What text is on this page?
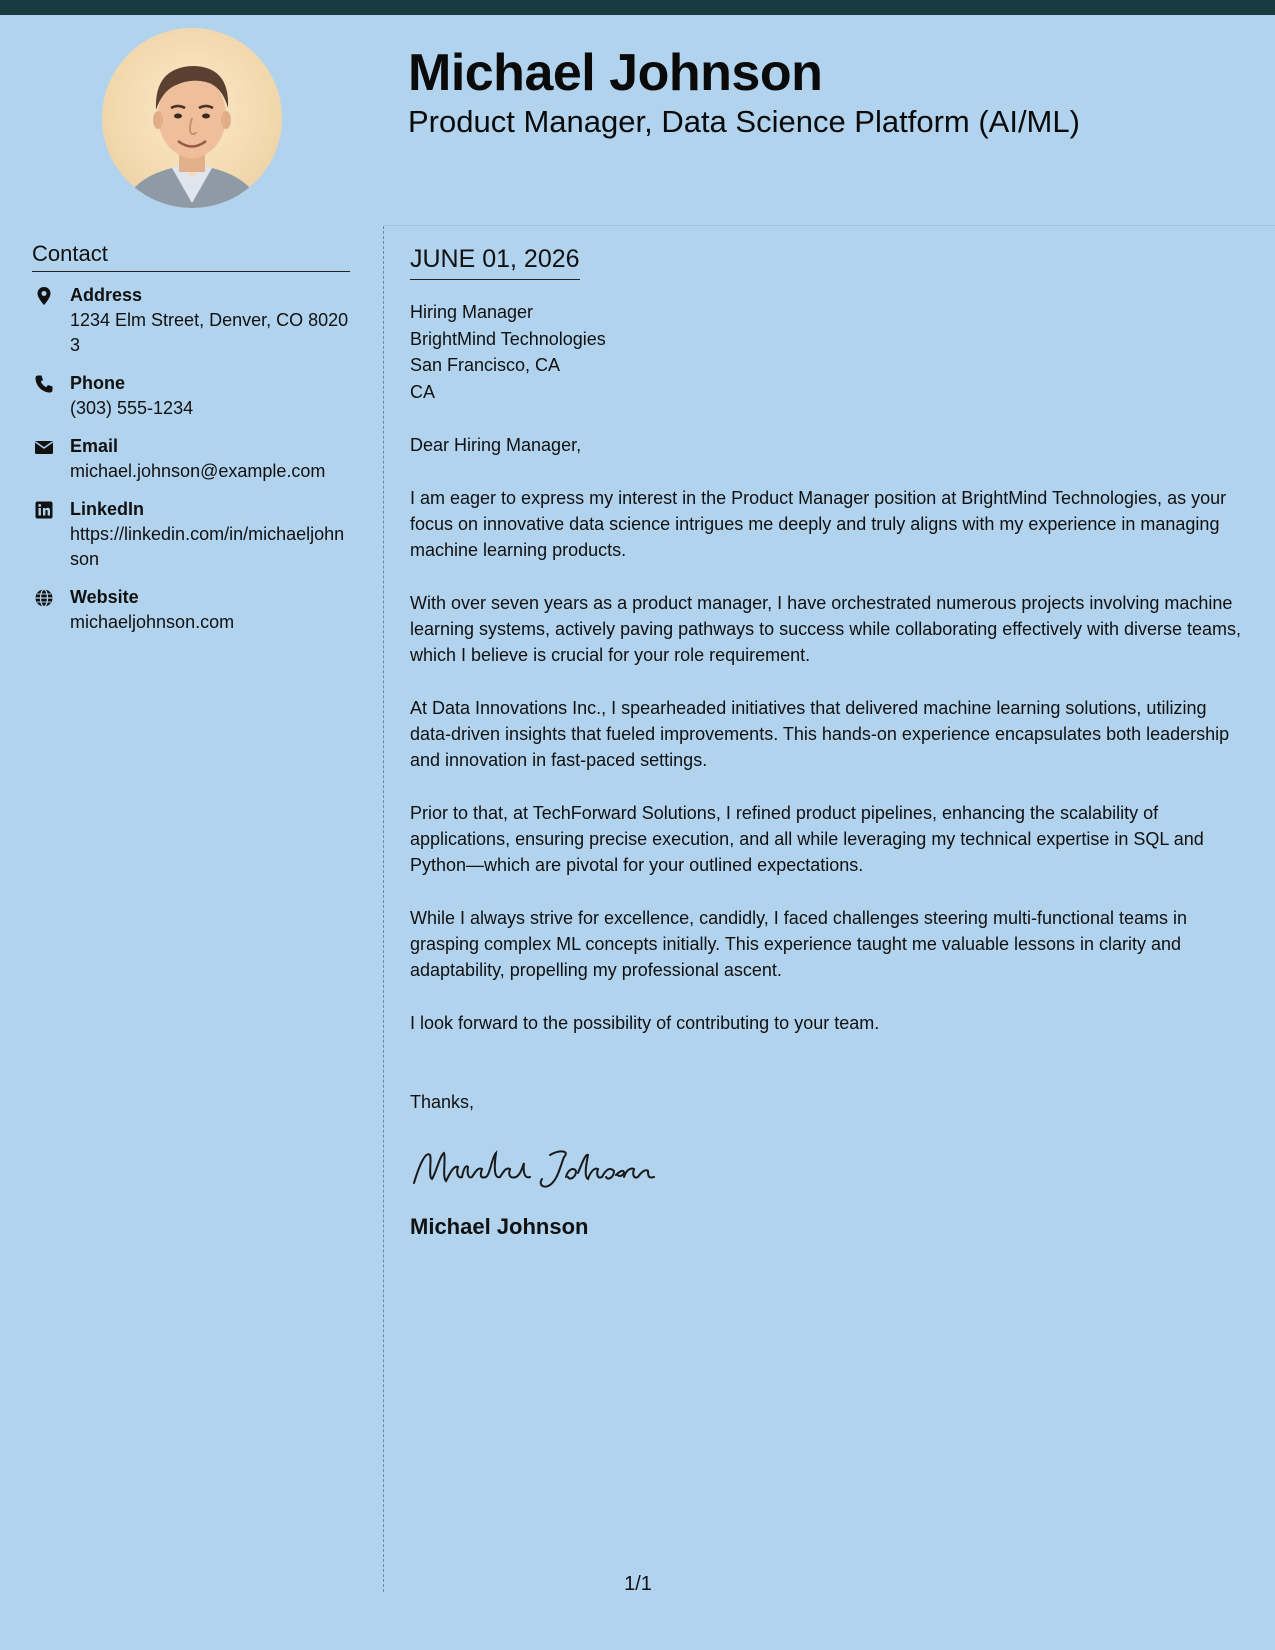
Michael Johnson
Product Manager, Data Science Platform (AI/ML)
Contact
Address
1234 Elm Street, Denver, CO 80203
Phone
(303) 555-1234
Email
michael.johnson@example.com
LinkedIn
https://linkedin.com/in/michaeljohnson
Website
michaeljohnson.com
JUNE 01, 2026
Hiring Manager
BrightMind Technologies
San Francisco, CA
CA
Dear Hiring Manager,
I am eager to express my interest in the Product Manager position at BrightMind Technologies, as your focus on innovative data science intrigues me deeply and truly aligns with my experience in managing machine learning products.
With over seven years as a product manager, I have orchestrated numerous projects involving machine learning systems, actively paving pathways to success while collaborating effectively with diverse teams, which I believe is crucial for your role requirement.
At Data Innovations Inc., I spearheaded initiatives that delivered machine learning solutions, utilizing data-driven insights that fueled improvements. This hands-on experience encapsulates both leadership and innovation in fast-paced settings.
Prior to that, at TechForward Solutions, I refined product pipelines, enhancing the scalability of applications, ensuring precise execution, and all while leveraging my technical expertise in SQL and Python—which are pivotal for your outlined expectations.
While I always strive for excellence, candidly, I faced challenges steering multi-functional teams in grasping complex ML concepts initially. This experience taught me valuable lessons in clarity and adaptability, propelling my professional ascent.
I look forward to the possibility of contributing to your team.
Thanks,
Michael Johnson
1/1
